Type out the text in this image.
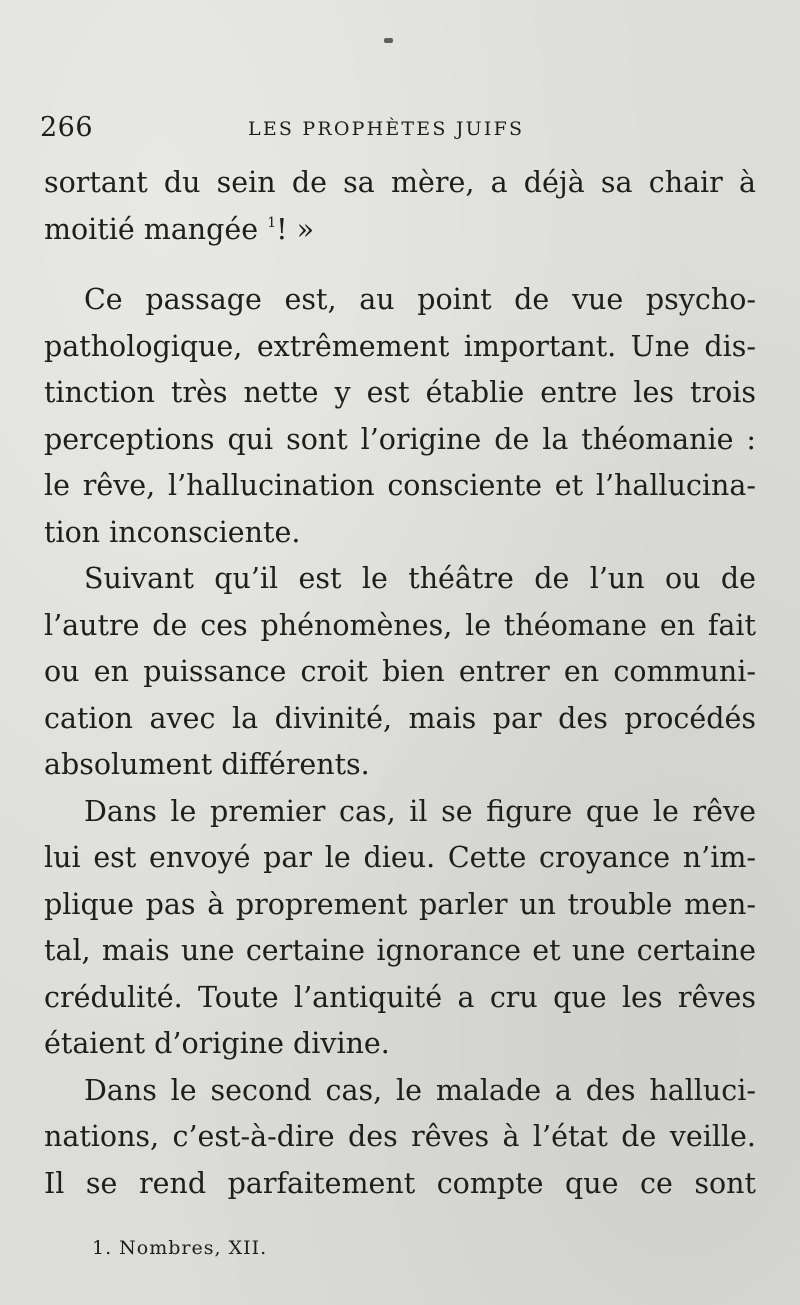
266	LES PROPHÈTES JUIFS

sortant du sein de sa mère, a déjà sa chair à
moitié mangée $^1$! »

Ce passage est, au point de vue psycho-
pathologique, extrêmement important. Une dis-
tinction très nette y est établie entre les trois
perceptions qui sont l’origine de la théomanie :
le rêve, l’hallucination consciente et l’hallucina-
tion inconsciente.

Suivant qu’il est le théâtre de l’un ou de
l’autre de ces phénomènes, le théomane en fait
ou en puissance croit bien entrer en communi-
cation avec la divinité, mais par des procédés
absolument différents.

Dans le premier cas, il se figure que le rêve
lui est envoyé par le dieu. Cette croyance n’im-
plique pas à proprement parler un trouble men-
tal, mais une certaine ignorance et une certaine
crédulité. Toute l’antiquité a cru que les rêves
étaient d’origine divine.

Dans le second cas, le malade a des halluci-
nations, c’est-à-dire des rêves à l’état de veille.
Il se rend parfaitement compte que ce sont

1. Nombres, XII.
